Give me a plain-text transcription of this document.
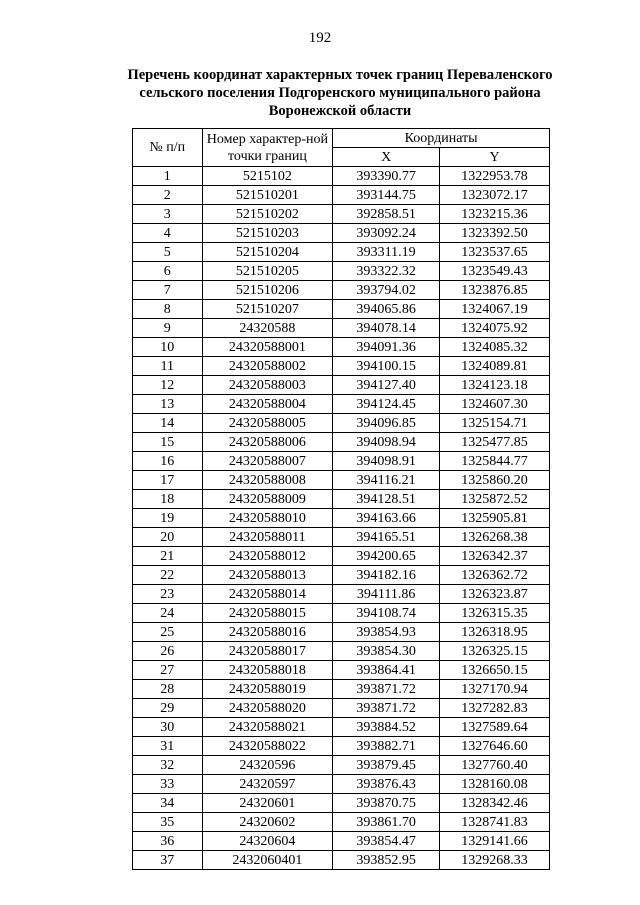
192
Перечень координат характерных точек границ Переваленского сельского поселения Подгоренского муниципального района Воронежской области
№ п/п	Номер характер-ной точки границ	Координаты	
		X	Y
1	5215102	393390.77	1322953.78
2	521510201	393144.75	1323072.17
3	521510202	392858.51	1323215.36
4	521510203	393092.24	1323392.50
5	521510204	393311.19	1323537.65
6	521510205	393322.32	1323549.43
7	521510206	393794.02	1323876.85
8	521510207	394065.86	1324067.19
9	24320588	394078.14	1324075.92
10	24320588001	394091.36	1324085.32
11	24320588002	394100.15	1324089.81
12	24320588003	394127.40	1324123.18
13	24320588004	394124.45	1324607.30
14	24320588005	394096.85	1325154.71
15	24320588006	394098.94	1325477.85
16	24320588007	394098.91	1325844.77
17	24320588008	394116.21	1325860.20
18	24320588009	394128.51	1325872.52
19	24320588010	394163.66	1325905.81
20	24320588011	394165.51	1326268.38
21	24320588012	394200.65	1326342.37
22	24320588013	394182.16	1326362.72
23	24320588014	394111.86	1326323.87
24	24320588015	394108.74	1326315.35
25	24320588016	393854.93	1326318.95
26	24320588017	393854.30	1326325.15
27	24320588018	393864.41	1326650.15
28	24320588019	393871.72	1327170.94
29	24320588020	393871.72	1327282.83
30	24320588021	393884.52	1327589.64
31	24320588022	393882.71	1327646.60
32	24320596	393879.45	1327760.40
33	24320597	393876.43	1328160.08
34	24320601	393870.75	1328342.46
35	24320602	393861.70	1328741.83
36	24320604	393854.47	1329141.66
37	2432060401	393852.95	1329268.33
